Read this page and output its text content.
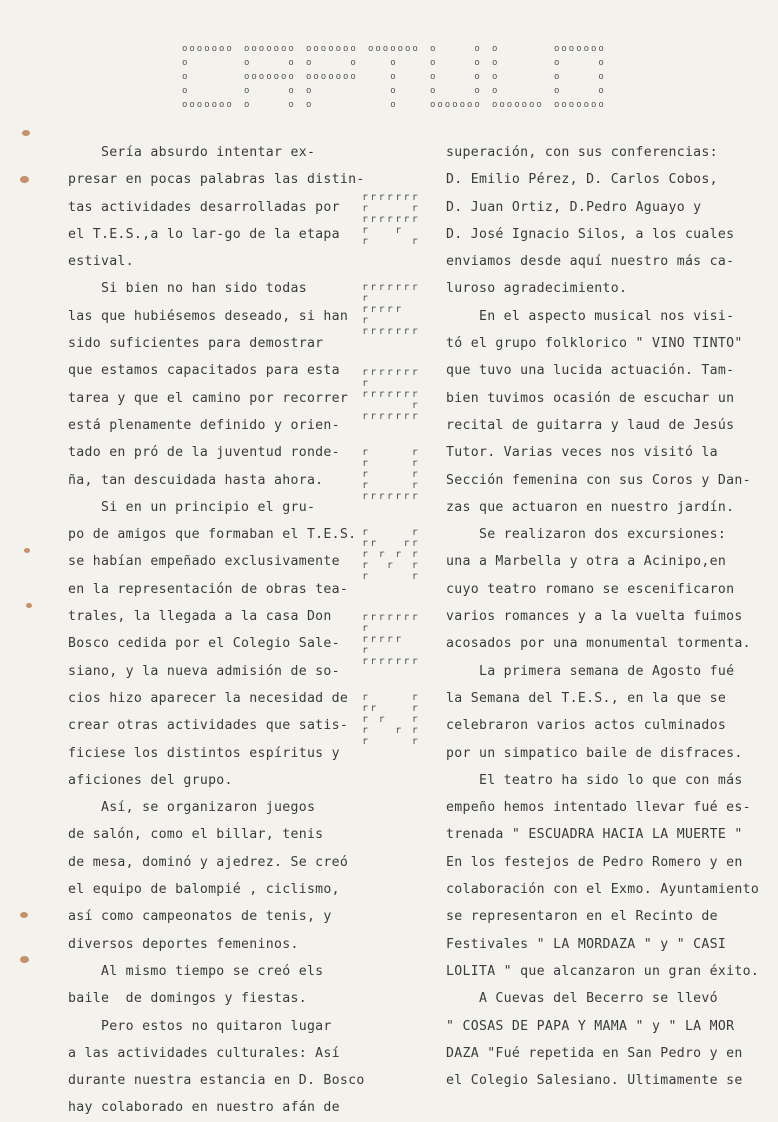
o o o o o o o
o
o
o
o o o o o o o
o o o o o o o
o	o
o o o o o o o
o	o
o	o
o o o o o o o
o	o
o o o o o o o
o
o
o o o o o o o
o
o
o
o
o	o
o	o
o	o
o	o
o o o o o o o
o
o
o
o
o o o o o o o
o o o o o o o
o	o
o	o
o	o
o o o o o o o
Sería absurdo intentar ex-
presar en pocas palabras las distin-
tas actividades desarrolladas por
el T.E.S.,a lo lar-go de la etapa
estival.
Si bien no han sido todas
las que hubiésemos deseado, si han
sido suficientes para demostrar
que estamos capacitados para esta
tarea y que el camino por recorrer
está plenamente definido y orien-
tado en pró de la juventud ronde-
ña, tan descuidada hasta ahora.
Si en un principio el gru-
po de amigos que formaban el T.E.S.
se habían empeñado exclusivamente
en la representación de obras tea-
trales, la llegada a la casa Don
Bosco cedida por el Colegio Sale-
siano, y la nueva admisión de so-
cios hizo aparecer la necesidad de
crear otras actividades que satis-
ficiese los distintos espíritus y
aficiones del grupo.
Así, se organizaron juegos
de salón, como el billar, tenis
de mesa, dominó y ajedrez. Se creó
el equipo de balompié , ciclismo,
así como campeonatos de tenis, y
diversos deportes femeninos.
Al mismo tiempo se creó els
baile  de domingos y fiestas.
Pero estos no quitaron lugar
a las actividades culturales: Así
durante nuestra estancia en D. Bosco
hay colaborado en nuestro afán de
r r r r r r r
r	r
r r r r r r r
r	r
r	r
r r r r r r r
r
r r r r r
r
r r r r r r r
r r r r r r r
r
r r r r r r r
r
r r r r r r r
r	r
r	r
r	r
r	r
r r r r r r r
r	r
r r	r r
r r r r
r r r
r	r
r r r r r r r
r
r r r r r
r
r r r r r r r
r	r
r r	r
r r	r
r	r r
r	r
superación, con sus conferencias:
D. Emilio Pérez, D. Carlos Cobos,
D. Juan Ortiz, D.Pedro Aguayo y
D. José Ignacio Silos, a los cuales
enviamos desde aquí nuestro más ca-
luroso agradecimiento.
En el aspecto musical nos visi-
tó el grupo folklorico " VINO TINTO"
que tuvo una lucida actuación. Tam-
bien tuvimos ocasión de escuchar un
recital de guitarra y laud de Jesús
Tutor. Varias veces nos visitó la
Sección femenina con sus Coros y Dan-
zas que actuaron en nuestro jardín.
Se realizaron dos excursiones:
una a Marbella y otra a Acinipo,en
cuyo teatro romano se escenificaron
varios romances y a la vuelta fuimos
acosados por una monumental tormenta.
La primera semana de Agosto fué
la Semana del T.E.S., en la que se
celebraron varios actos culminados
por un simpatico baile de disfraces.
El teatro ha sido lo que con más
empeño hemos intentado llevar fué es-
trenada " ESCUADRA HACIA LA MUERTE "
En los festejos de Pedro Romero y en
colaboración con el Exmo. Ayuntamiento
se representaron en el Recinto de
Festivales " LA MORDAZA " y " CASI
LOLITA " que alcanzaron un gran éxito.
A Cuevas del Becerro se llevó
" COSAS DE PAPA Y MAMA " y " LA MOR
DAZA "Fué repetida en San Pedro y en
el Colegio Salesiano. Ultimamente se
